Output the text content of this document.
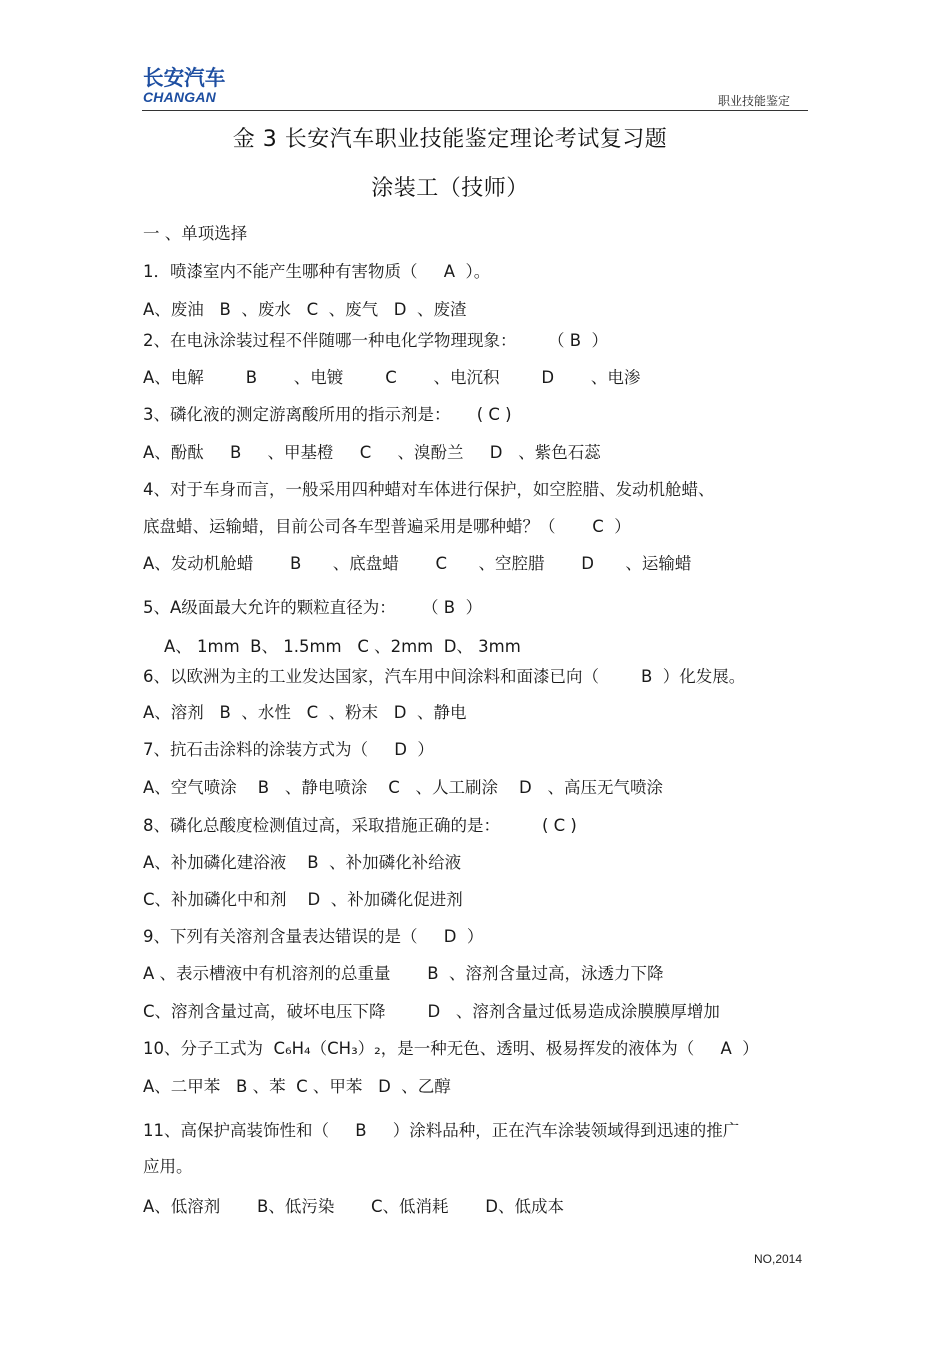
长安汽车
CHANGAN	职业技能鉴定
金 3 长安汽车职业技能鉴定理论考试复习题
涂装工（技师）
一 、单项选择
1．喷漆室内不能产生哪种有害物质（     A  ）。
A、废油   B  、废水   C  、废气   D  、废渣
2、在电泳涂装过程不伴随哪一种电化学物理现象：      （ B  ）
A、电解        B       、电镀        C       、电沉积        D       、电渗
3、磷化液的测定游离酸所用的指示剂是：     ( C )
A、酚酞     B     、甲基橙     C     、溴酚兰     D   、紫色石蕊
4、对于车身而言，一般采用四种蜡对车体进行保护，如空腔腊、发动机舱蜡、
底盘蜡、运输蜡，目前公司各车型普遍采用是哪种蜡？（       C  ）
A、发动机舱蜡       B      、底盘蜡       C      、空腔腊       D      、运输蜡
5、A级面最大允许的颗粒直径为：     （ B  ）
A、 1mm  B、 1.5mm   C 、2mm  D、 3mm
6、以欧洲为主的工业发达国家，汽车用中间涂料和面漆已向（        B  ）化发展。
A、溶剂   B  、水性   C  、粉末   D  、静电
7、抗石击涂料的涂装方式为（     D  ）
A、空气喷涂    B   、静电喷涂    C   、人工刷涂    D   、高压无气喷涂
8、磷化总酸度检测值过高，采取措施正确的是：        ( C )
A、补加磷化建浴液    B  、补加磷化补给液
C、补加磷化中和剂    D  、补加磷化促进剂
9、下列有关溶剂含量表达错误的是（     D  ）
A 、表示槽液中有机溶剂的总重量       B  、溶剂含量过高，泳透力下降
C、溶剂含量过高，破坏电压下降        D   、溶剂含量过低易造成涂膜膜厚增加
10、分子工式为  C₆H₄（CH₃）₂，是一种无色、透明、极易挥发的液体为（     A  ）
A、二甲苯   B 、苯  C 、甲苯   D  、乙醇
11、高保护高装饰性和（     B     ）涂料品种，正在汽车涂装领域得到迅速的推广
应用。
A、低溶剂       B、低污染       C、低消耗       D、低成本
NO,2014
